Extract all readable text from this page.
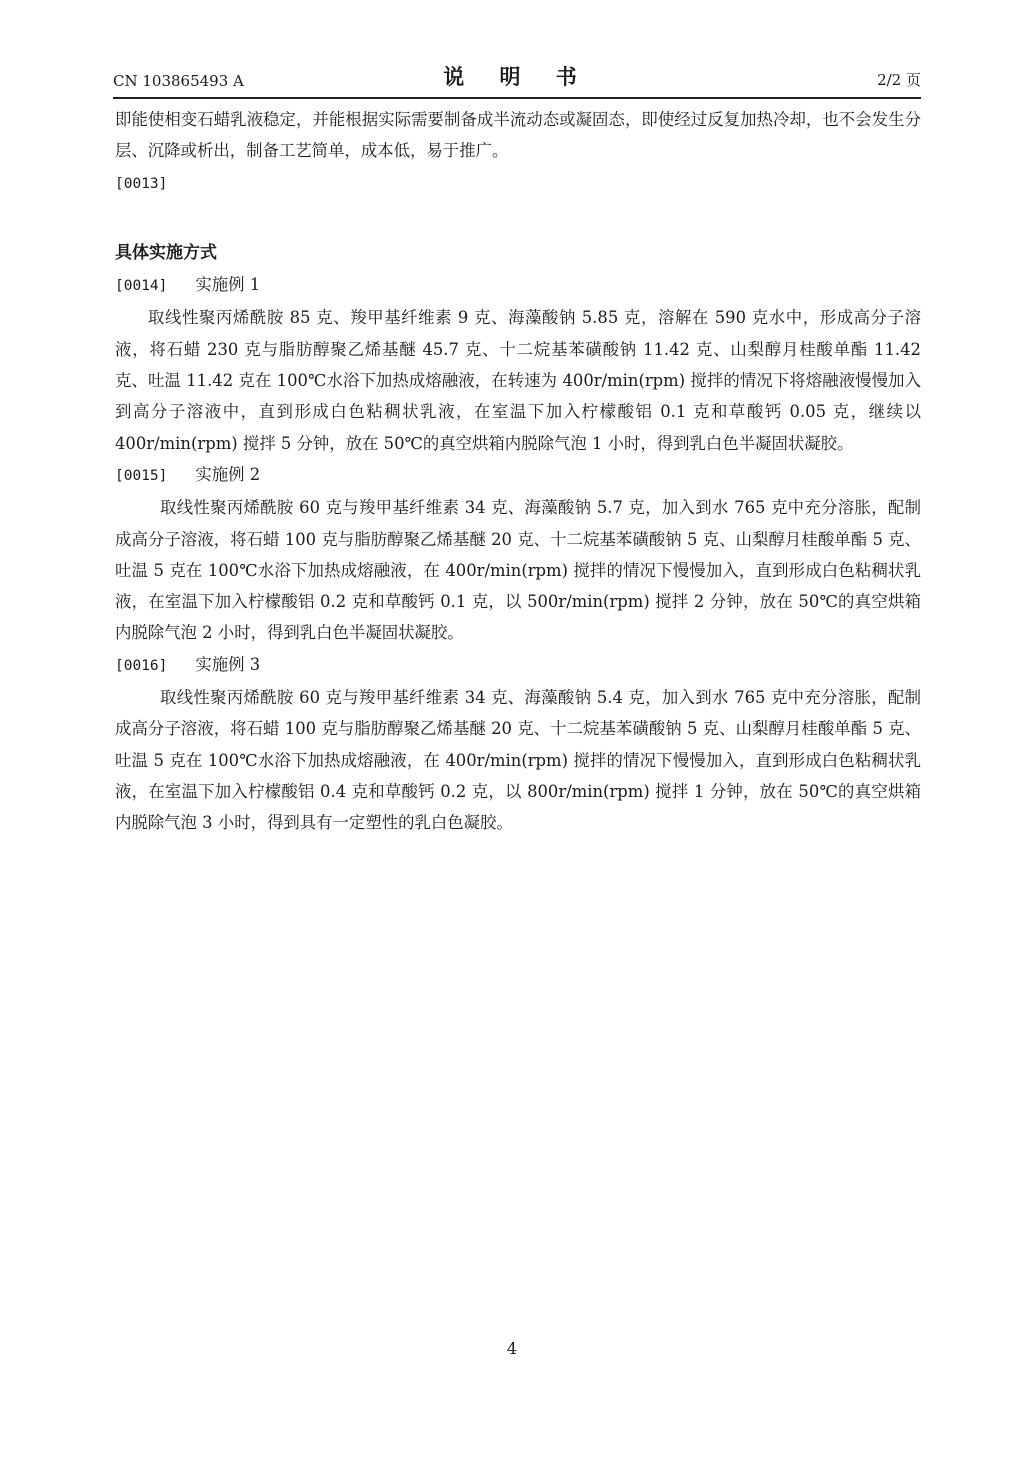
CN 103865493 A	说 明 书	2/2 页

即能使相变石蜡乳液稳定，并能根据实际需要制备成半流动态或凝固态，即使经过反复加热冷却，也不会发生分层、沉降或析出，制备工艺简单，成本低，易于推广。

[0013]

具体实施方式

[0014] 实施例 1

取线性聚丙烯酰胺 85 克、羧甲基纤维素 9 克、海藻酸钠 5.85 克，溶解在 590 克水中，形成高分子溶液，将石蜡 230 克与脂肪醇聚乙烯基醚 45.7 克、十二烷基苯磺酸钠 11.42 克、山梨醇月桂酸单酯 11.42 克、吐温 11.42 克在 100℃水浴下加热成熔融液，在转速为 400r/min(rpm) 搅拌的情况下将熔融液慢慢加入到高分子溶液中，直到形成白色粘稠状乳液，在室温下加入柠檬酸铝 0.1 克和草酸钙 0.05 克，继续以 400r/min(rpm) 搅拌 5 分钟，放在 50℃的真空烘箱内脱除气泡 1 小时，得到乳白色半凝固状凝胶。

[0015] 实施例 2

取线性聚丙烯酰胺 60 克与羧甲基纤维素 34 克、海藻酸钠 5.7 克，加入到水 765 克中充分溶胀，配制成高分子溶液，将石蜡 100 克与脂肪醇聚乙烯基醚 20 克、十二烷基苯磺酸钠 5 克、山梨醇月桂酸单酯 5 克、吐温 5 克在 100℃水浴下加热成熔融液，在 400r/min(rpm) 搅拌的情况下慢慢加入，直到形成白色粘稠状乳液，在室温下加入柠檬酸铝 0.2 克和草酸钙 0.1 克，以 500r/min(rpm) 搅拌 2 分钟，放在 50℃的真空烘箱内脱除气泡 2 小时，得到乳白色半凝固状凝胶。

[0016] 实施例 3

取线性聚丙烯酰胺 60 克与羧甲基纤维素 34 克、海藻酸钠 5.4 克，加入到水 765 克中充分溶胀，配制成高分子溶液，将石蜡 100 克与脂肪醇聚乙烯基醚 20 克、十二烷基苯磺酸钠 5 克、山梨醇月桂酸单酯 5 克、吐温 5 克在 100℃水浴下加热成熔融液，在 400r/min(rpm) 搅拌的情况下慢慢加入，直到形成白色粘稠状乳液，在室温下加入柠檬酸铝 0.4 克和草酸钙 0.2 克，以 800r/min(rpm) 搅拌 1 分钟，放在 50℃的真空烘箱内脱除气泡 3 小时，得到具有一定塑性的乳白色凝胶。

4
